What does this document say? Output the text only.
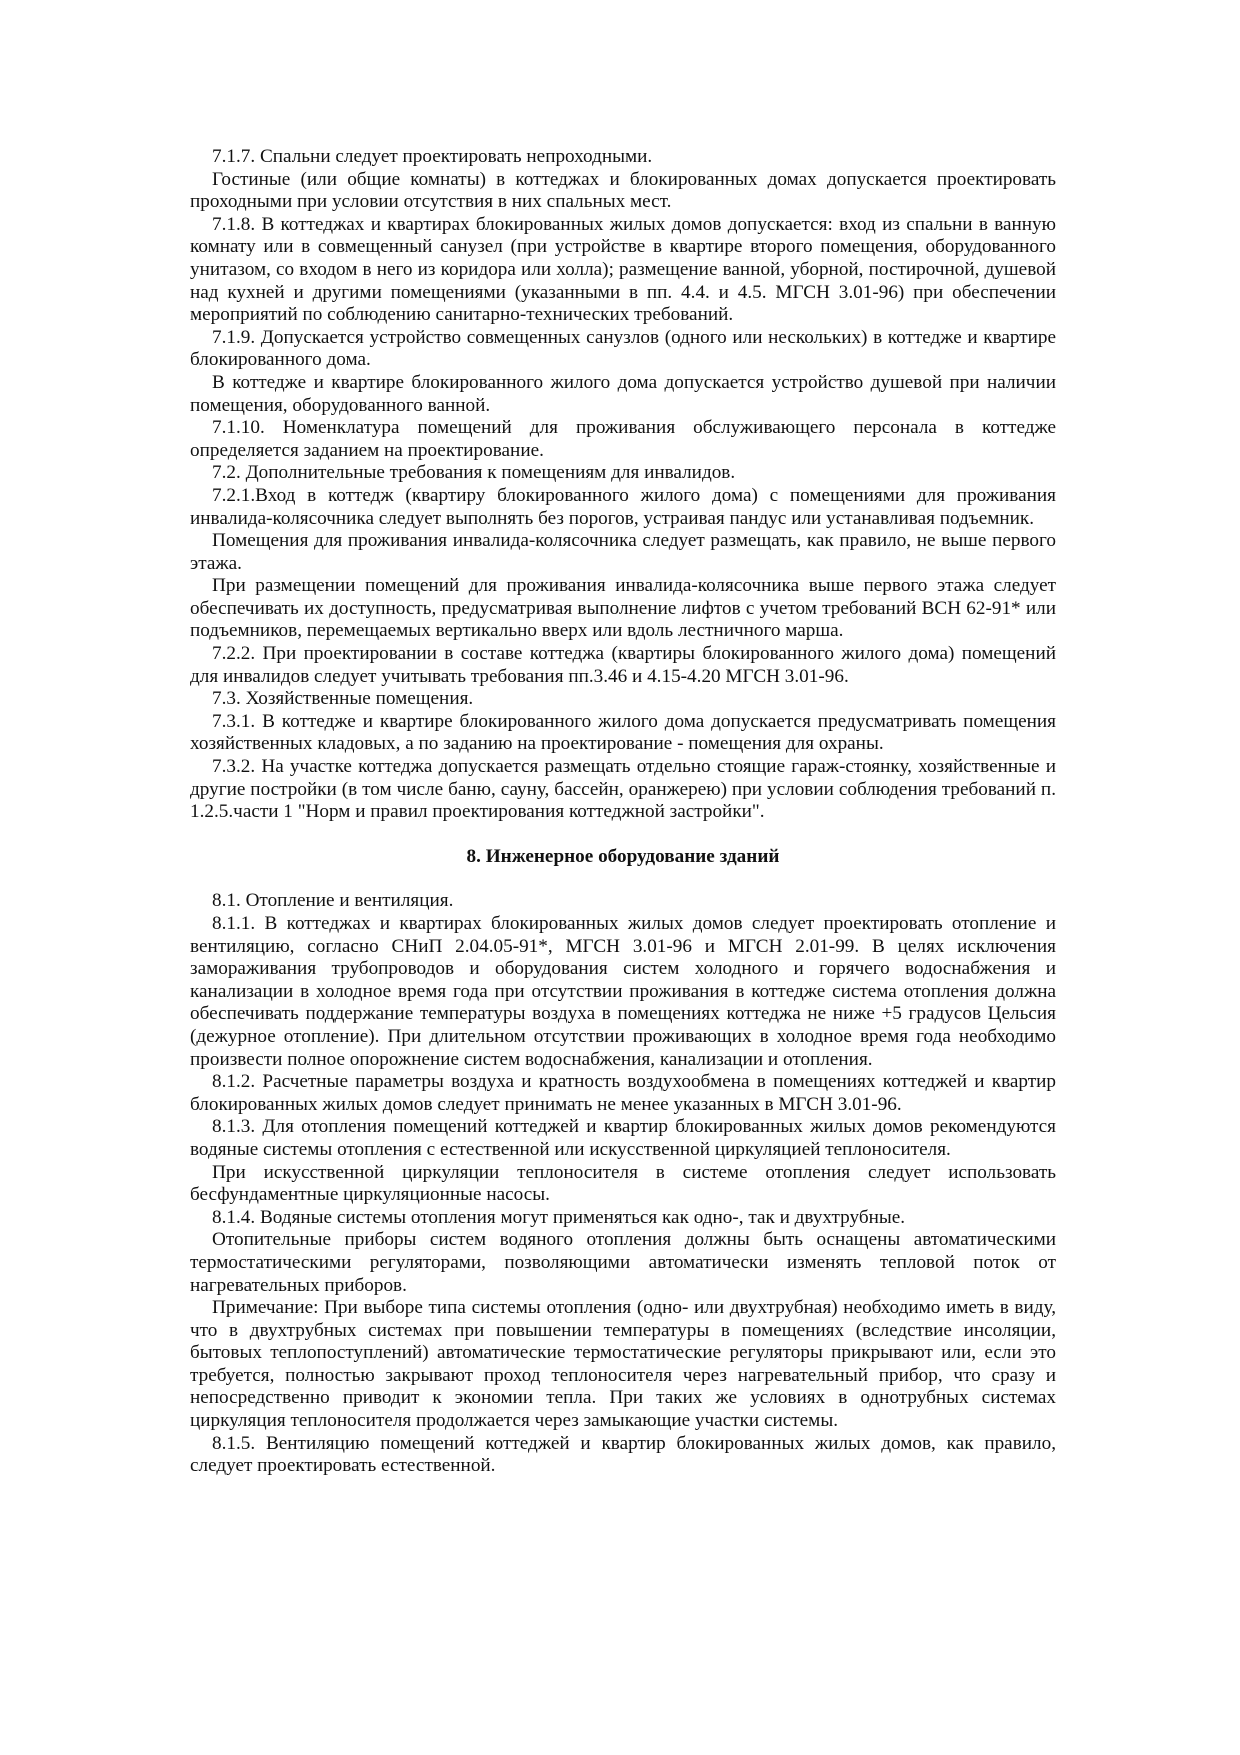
7.1.7. Спальни следует проектировать непроходными.

Гостиные (или общие комнаты) в коттеджах и блокированных домах допускается проектировать проходными при условии отсутствия в них спальных мест.

7.1.8. В коттеджах и квартирах блокированных жилых домов допускается: вход из спальни в ванную комнату или в совмещенный санузел (при устройстве в квартире второго помещения, оборудованного унитазом, со входом в него из коридора или холла); размещение ванной, уборной, постирочной, душевой над кухней и другими помещениями (указанными в пп. 4.4. и 4.5. МГСН 3.01-96) при обеспечении мероприятий по соблюдению санитарно-технических требований.

7.1.9. Допускается устройство совмещенных санузлов (одного или нескольких) в коттедже и квартире блокированного дома.

В коттедже и квартире блокированного жилого дома допускается устройство душевой при наличии помещения, оборудованного ванной.

7.1.10. Номенклатура помещений для проживания обслуживающего персонала в коттедже определяется заданием на проектирование.

7.2. Дополнительные требования к помещениям для инвалидов.

7.2.1.Вход в коттедж (квартиру блокированного жилого дома) с помещениями для проживания инвалида-колясочника следует выполнять без порогов, устраивая пандус или устанавливая подъемник.

Помещения для проживания инвалида-колясочника следует размещать, как правило, не выше первого этажа.

При размещении помещений для проживания инвалида-колясочника выше первого этажа следует обеспечивать их доступность, предусматривая выполнение лифтов с учетом требований ВСН 62-91* или подъемников, перемещаемых вертикально вверх или вдоль лестничного марша.

7.2.2. При проектировании в составе коттеджа (квартиры блокированного жилого дома) помещений для инвалидов следует учитывать требования пп.3.46 и 4.15-4.20 МГСН 3.01-96.

7.3. Хозяйственные помещения.

7.3.1. В коттедже и квартире блокированного жилого дома допускается предусматривать помещения хозяйственных кладовых, а по заданию на проектирование - помещения для охраны.

7.3.2. На участке коттеджа допускается размещать отдельно стоящие гараж-стоянку, хозяйственные и другие постройки (в том числе баню, сауну, бассейн, оранжерею) при условии соблюдения требований п. 1.2.5.части 1 "Норм и правил проектирования коттеджной застройки".

8. Инженерное оборудование зданий

8.1. Отопление и вентиляция.

8.1.1. В коттеджах и квартирах блокированных жилых домов следует проектировать отопление и вентиляцию, согласно СНиП 2.04.05-91*, МГСН 3.01-96 и МГСН 2.01-99. В целях исключения замораживания трубопроводов и оборудования систем холодного и горячего водоснабжения и канализации в холодное время года при отсутствии проживания в коттедже система отопления должна обеспечивать поддержание температуры воздуха в помещениях коттеджа не ниже +5 градусов Цельсия (дежурное отопление). При длительном отсутствии проживающих в холодное время года необходимо произвести полное опорожнение систем водоснабжения, канализации и отопления.

8.1.2. Расчетные параметры воздуха и кратность воздухообмена в помещениях коттеджей и квартир блокированных жилых домов следует принимать не менее указанных в МГСН 3.01-96.

8.1.3. Для отопления помещений коттеджей и квартир блокированных жилых домов рекомендуются водяные системы отопления с естественной или искусственной циркуляцией теплоносителя.

При искусственной циркуляции теплоносителя в системе отопления следует использовать бесфундаментные циркуляционные насосы.

8.1.4. Водяные системы отопления могут применяться как одно-, так и двухтрубные.

Отопительные приборы систем водяного отопления должны быть оснащены автоматическими термостатическими регуляторами, позволяющими автоматически изменять тепловой поток от нагревательных приборов.

Примечание: При выборе типа системы отопления (одно- или двухтрубная) необходимо иметь в виду, что в двухтрубных системах при повышении температуры в помещениях (вследствие инсоляции, бытовых теплопоступлений) автоматические термостатические регуляторы прикрывают или, если это требуется, полностью закрывают проход теплоносителя через нагревательный прибор, что сразу и непосредственно приводит к экономии тепла. При таких же условиях в однотрубных системах циркуляция теплоносителя продолжается через замыкающие участки системы.

8.1.5. Вентиляцию помещений коттеджей и квартир блокированных жилых домов, как правило, следует проектировать естественной.
